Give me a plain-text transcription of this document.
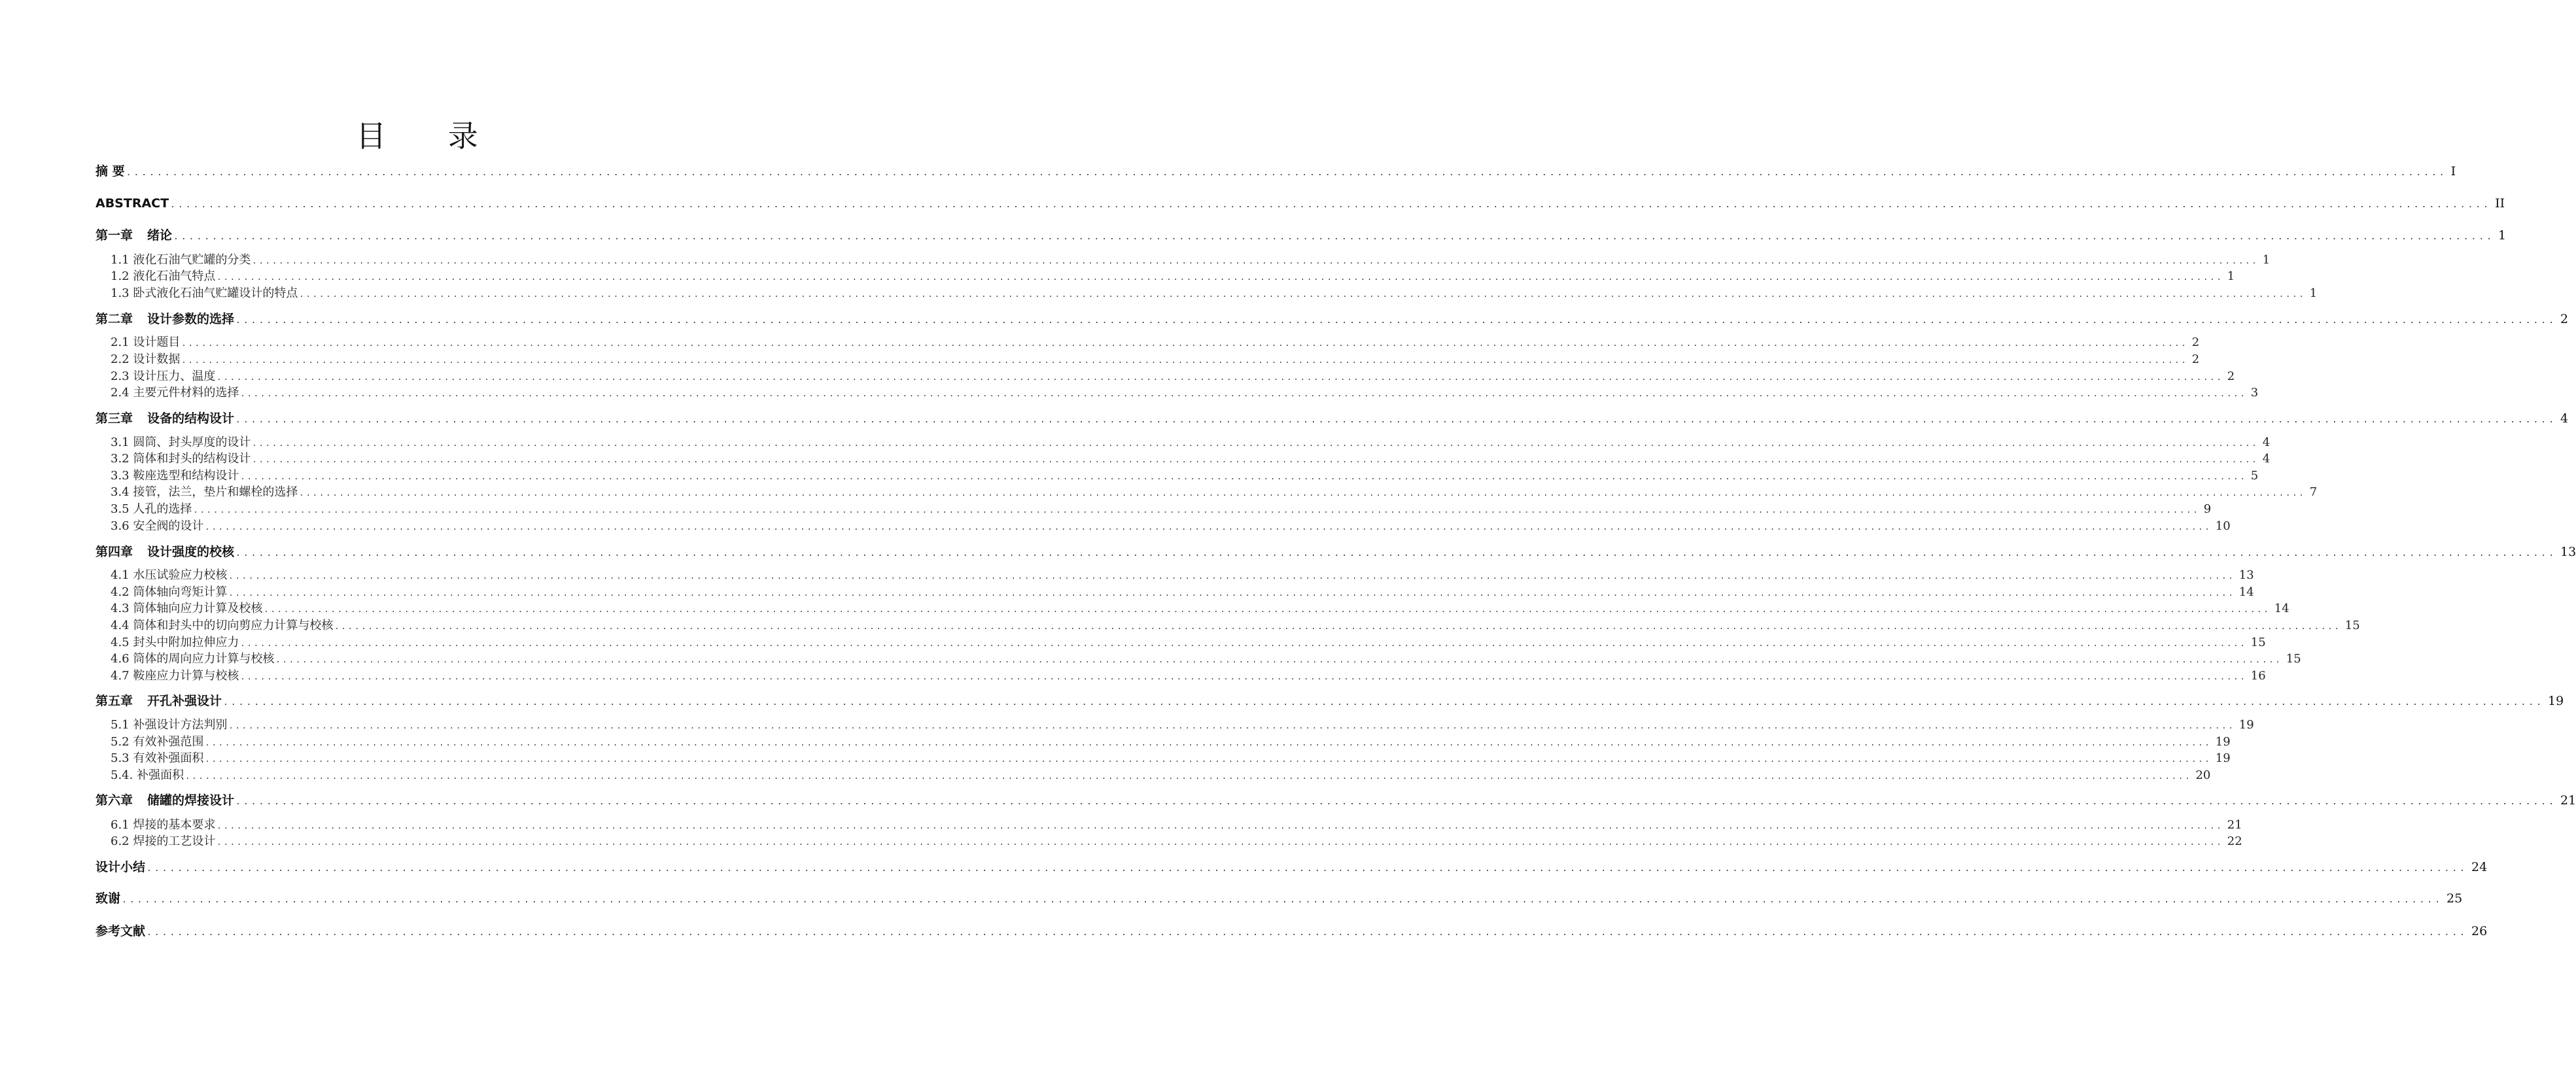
目 录
摘 要 ............................................................................................................................................................................................................................................................................................................ I
ABSTRACT ............................................................................................................................................................................................................................................................................................................ II
第一章 绪论 ............................................................................................................................................................................................................................................................................................................ 1
1.1 液化石油气贮罐的分类 ............................................................................................................................................................................................................................................................................................................ 1
1.2 液化石油气特点 ............................................................................................................................................................................................................................................................................................................ 1
1.3 卧式液化石油气贮罐设计的特点 ............................................................................................................................................................................................................................................................................................................ 1
第二章 设计参数的选择 ............................................................................................................................................................................................................................................................................................................ 2
2.1 设计题目 ............................................................................................................................................................................................................................................................................................................ 2
2.2 设计数据 ............................................................................................................................................................................................................................................................................................................ 2
2.3 设计压力、温度 ............................................................................................................................................................................................................................................................................................................ 2
2.4 主要元件材料的选择 ............................................................................................................................................................................................................................................................................................................ 3
第三章 设备的结构设计 ............................................................................................................................................................................................................................................................................................................ 4
3.1 圆筒、封头厚度的设计 ............................................................................................................................................................................................................................................................................................................ 4
3.2 筒体和封头的结构设计 ............................................................................................................................................................................................................................................................................................................ 4
3.3 鞍座选型和结构设计 ............................................................................................................................................................................................................................................................................................................ 5
3.4 接管，法兰，垫片和螺栓的选择 ............................................................................................................................................................................................................................................................................................................ 7
3.5 人孔的选择 ............................................................................................................................................................................................................................................................................................................ 9
3.6 安全阀的设计 ............................................................................................................................................................................................................................................................................................................ 10
第四章 设计强度的校核 ............................................................................................................................................................................................................................................................................................................ 13
4.1 水压试验应力校核 ............................................................................................................................................................................................................................................................................................................ 13
4.2 筒体轴向弯矩计算 ............................................................................................................................................................................................................................................................................................................ 14
4.3 筒体轴向应力计算及校核 ............................................................................................................................................................................................................................................................................................................ 14
4.4 筒体和封头中的切向剪应力计算与校核 ............................................................................................................................................................................................................................................................................................................ 15
4.5 封头中附加拉伸应力 ............................................................................................................................................................................................................................................................................................................ 15
4.6 筒体的周向应力计算与校核 ............................................................................................................................................................................................................................................................................................................ 15
4.7 鞍座应力计算与校核 ............................................................................................................................................................................................................................................................................................................ 16
第五章 开孔补强设计 ............................................................................................................................................................................................................................................................................................................ 19
5.1 补强设计方法判别 ............................................................................................................................................................................................................................................................................................................ 19
5.2 有效补强范围 ............................................................................................................................................................................................................................................................................................................ 19
5.3 有效补强面积 ............................................................................................................................................................................................................................................................................................................ 19
5.4. 补强面积 ............................................................................................................................................................................................................................................................................................................ 20
第六章 储罐的焊接设计 ............................................................................................................................................................................................................................................................................................................ 21
6.1 焊接的基本要求 ............................................................................................................................................................................................................................................................................................................ 21
6.2 焊接的工艺设计 ............................................................................................................................................................................................................................................................................................................ 22
设计小结 ............................................................................................................................................................................................................................................................................................................ 24
致谢 ............................................................................................................................................................................................................................................................................................................ 25
参考文献 ............................................................................................................................................................................................................................................................................................................ 26
